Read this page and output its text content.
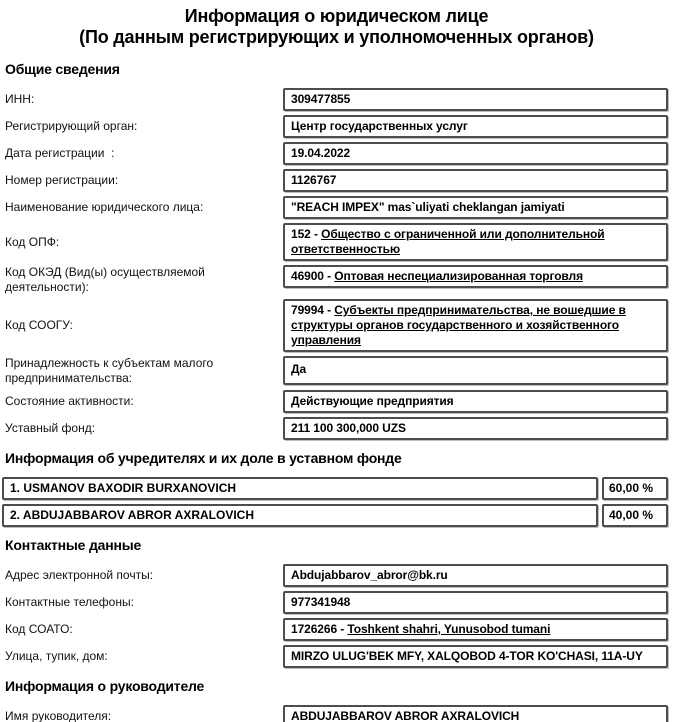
Информация о юридическом лице
(По данным регистрирующих и уполномоченных органов)
Общие сведения
ИНН:	309477855
Регистрирующий орган:	Центр государственных услуг
Дата регистрации  :	19.04.2022
Номер регистрации:	1126767
Наименование юридического лица:	"REACH IMPEX" mas`uliyati cheklangan jamiyati
Код ОПФ:
152 - Общество с ограниченной или дополнительной ответственностью
Код ОКЭД (Вид(ы) осуществляемой деятельности):
46900 - Оптовая неспециализированная торговля
Код СООГУ:
79994 - Субъекты предпринимательства, не вошедшие в структуры органов государственного и хозяйственного управления
Принадлежность к субъектам малого предпринимательства:
Да
Состояние активности:	Действующие предприятия
Уставный фонд:	211 100 300,000 UZS
Информация об учредителях и их доле в уставном фонде
1. USMANOV BAXODIR BURXANOVICH	60,00 %
2. ABDUJABBAROV ABROR AXRALOVICH	40,00 %
Контактные данные
Адрес электронной почты:	Abdujabbarov_abror@bk.ru
Контактные телефоны:	977341948
Код СОАТО:	1726266 - Toshkent shahri, Yunusobod tumani
Улица, тупик, дом:	MIRZO ULUG'BEK MFY, XALQOBOD 4-TOR KO'CHASI, 11A-UY
Информация о руководителе
Имя руководителя:	ABDUJABBAROV ABROR AXRALOVICH
